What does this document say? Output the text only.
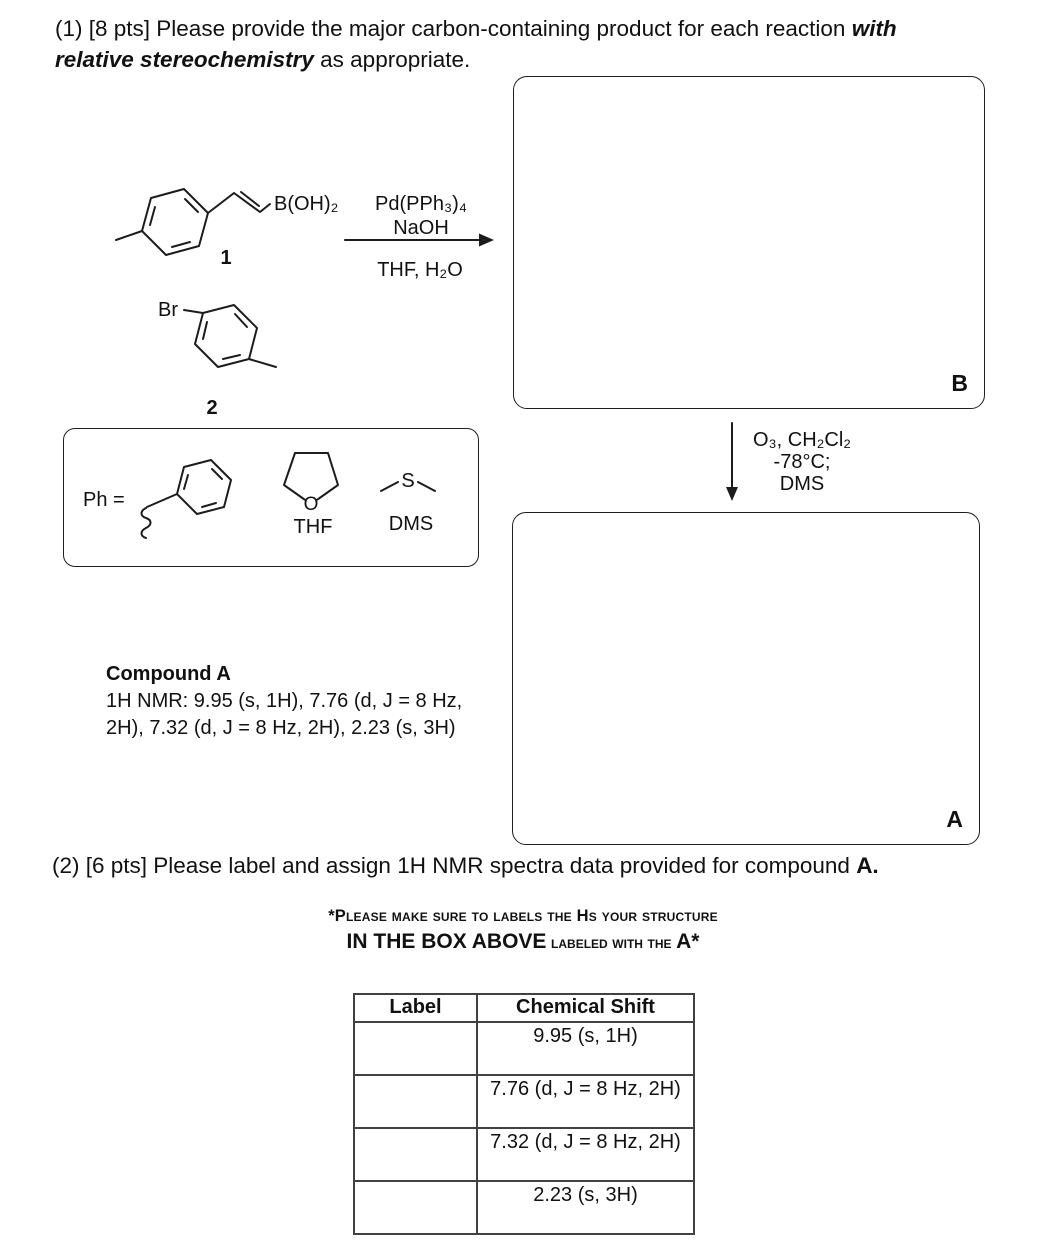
(1) [8 pts] Please provide the major carbon-containing product for each reaction with
relative stereochemistry as appropriate.
B(OH)₂
1
Pd(PPh₃)₄
NaOH
THF, H₂O
Br
2
B
Ph =	O
THF
S
DMS
O₃, CH₂Cl₂
-78°C;
DMS
A
Compound A
1H NMR: 9.95 (s, 1H), 7.76 (d, J = 8 Hz,
2H), 7.32 (d, J = 8 Hz, 2H), 2.23 (s, 3H)
(2) [6 pts] Please label and assign 1H NMR spectra data provided for compound A.
*Please make sure to labels the Hs your structure
IN THE BOX ABOVE labeled with the A*
Label	Chemical Shift
	9.95 (s, 1H)
	7.76 (d, J = 8 Hz, 2H)
	7.32 (d, J = 8 Hz, 2H)
	2.23 (s, 3H)
